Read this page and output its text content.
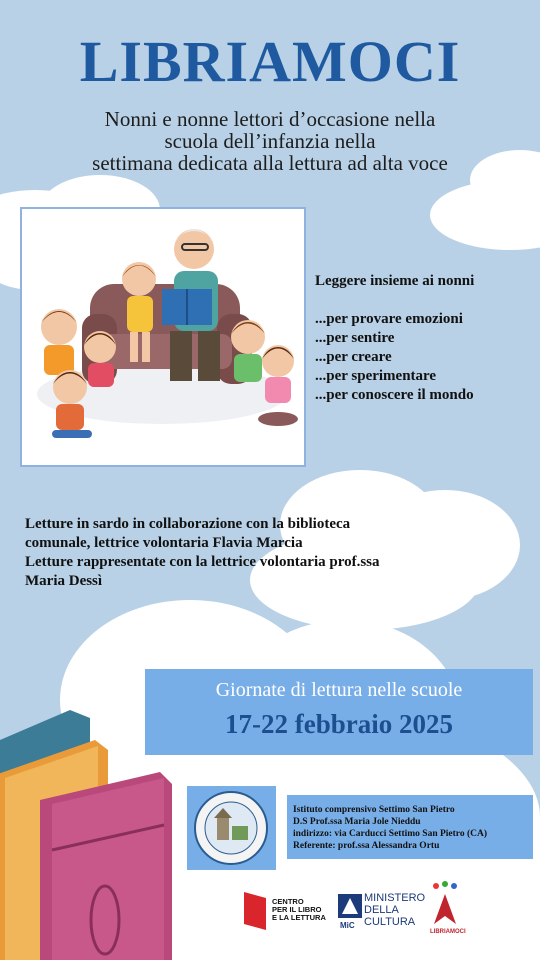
LIBRIAMOCI
Nonni e nonne lettori d’occasione nella
scuola dell’infanzia nella
settimana dedicata alla lettura ad alta voce
Leggere insieme ai nonni
...per provare emozioni
...per sentire
...per creare
...per sperimentare
...per conoscere il mondo
Letture in sardo in collaborazione con la biblioteca
comunale, lettrice volontaria Flavia Marcia
Letture rappresentate con la lettrice volontaria prof.ssa
Maria Dessì
Giornate di lettura nelle scuole
17-22 febbraio 2025
Istituto comprensivo Settimo San Pietro
D.S Prof.ssa Maria Jole Nieddu
indirizzo: via Carducci Settimo San Pietro (CA)
Referente: prof.ssa Alessandra Ortu
CENTRO
PER IL LIBRO
E LA LETTURA
MiC
MINISTERO
DELLA
CULTURA
LIBRIAMOCI
